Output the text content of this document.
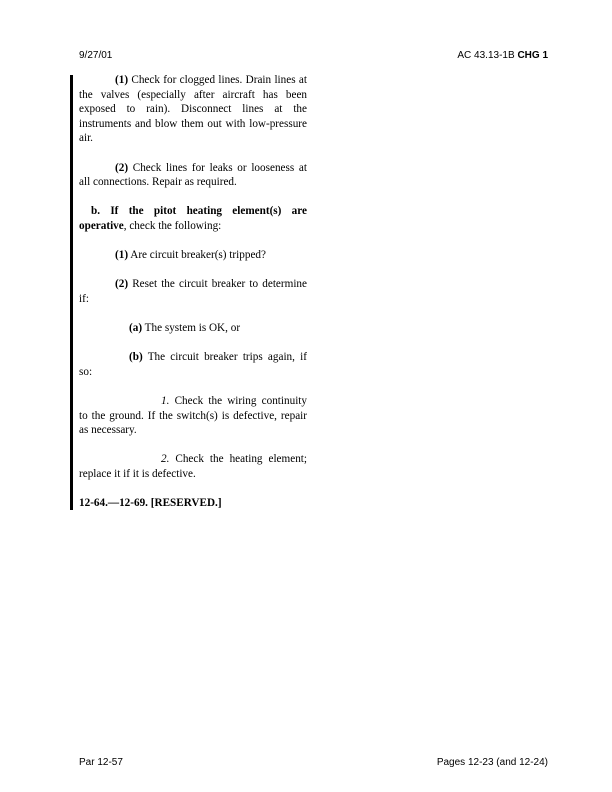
9/27/01	AC 43.13-1B CHG 1

(1) Check for clogged lines. Drain lines at the valves (especially after aircraft has been exposed to rain). Disconnect lines at the instruments and blow them out with low-pressure air.

(2) Check lines for leaks or looseness at all connections. Repair as required.

b. If the pitot heating element(s) are operative, check the following:

(1) Are circuit breaker(s) tripped?

(2) Reset the circuit breaker to determine if:

(a) The system is OK, or

(b) The circuit breaker trips again, if so:

1. Check the wiring continuity to the ground. If the switch(s) is defective, repair as necessary.

2. Check the heating element; replace it if it is defective.

12-64.—12-69. [RESERVED.]

Par 12-57	Pages 12-23 (and 12-24)
